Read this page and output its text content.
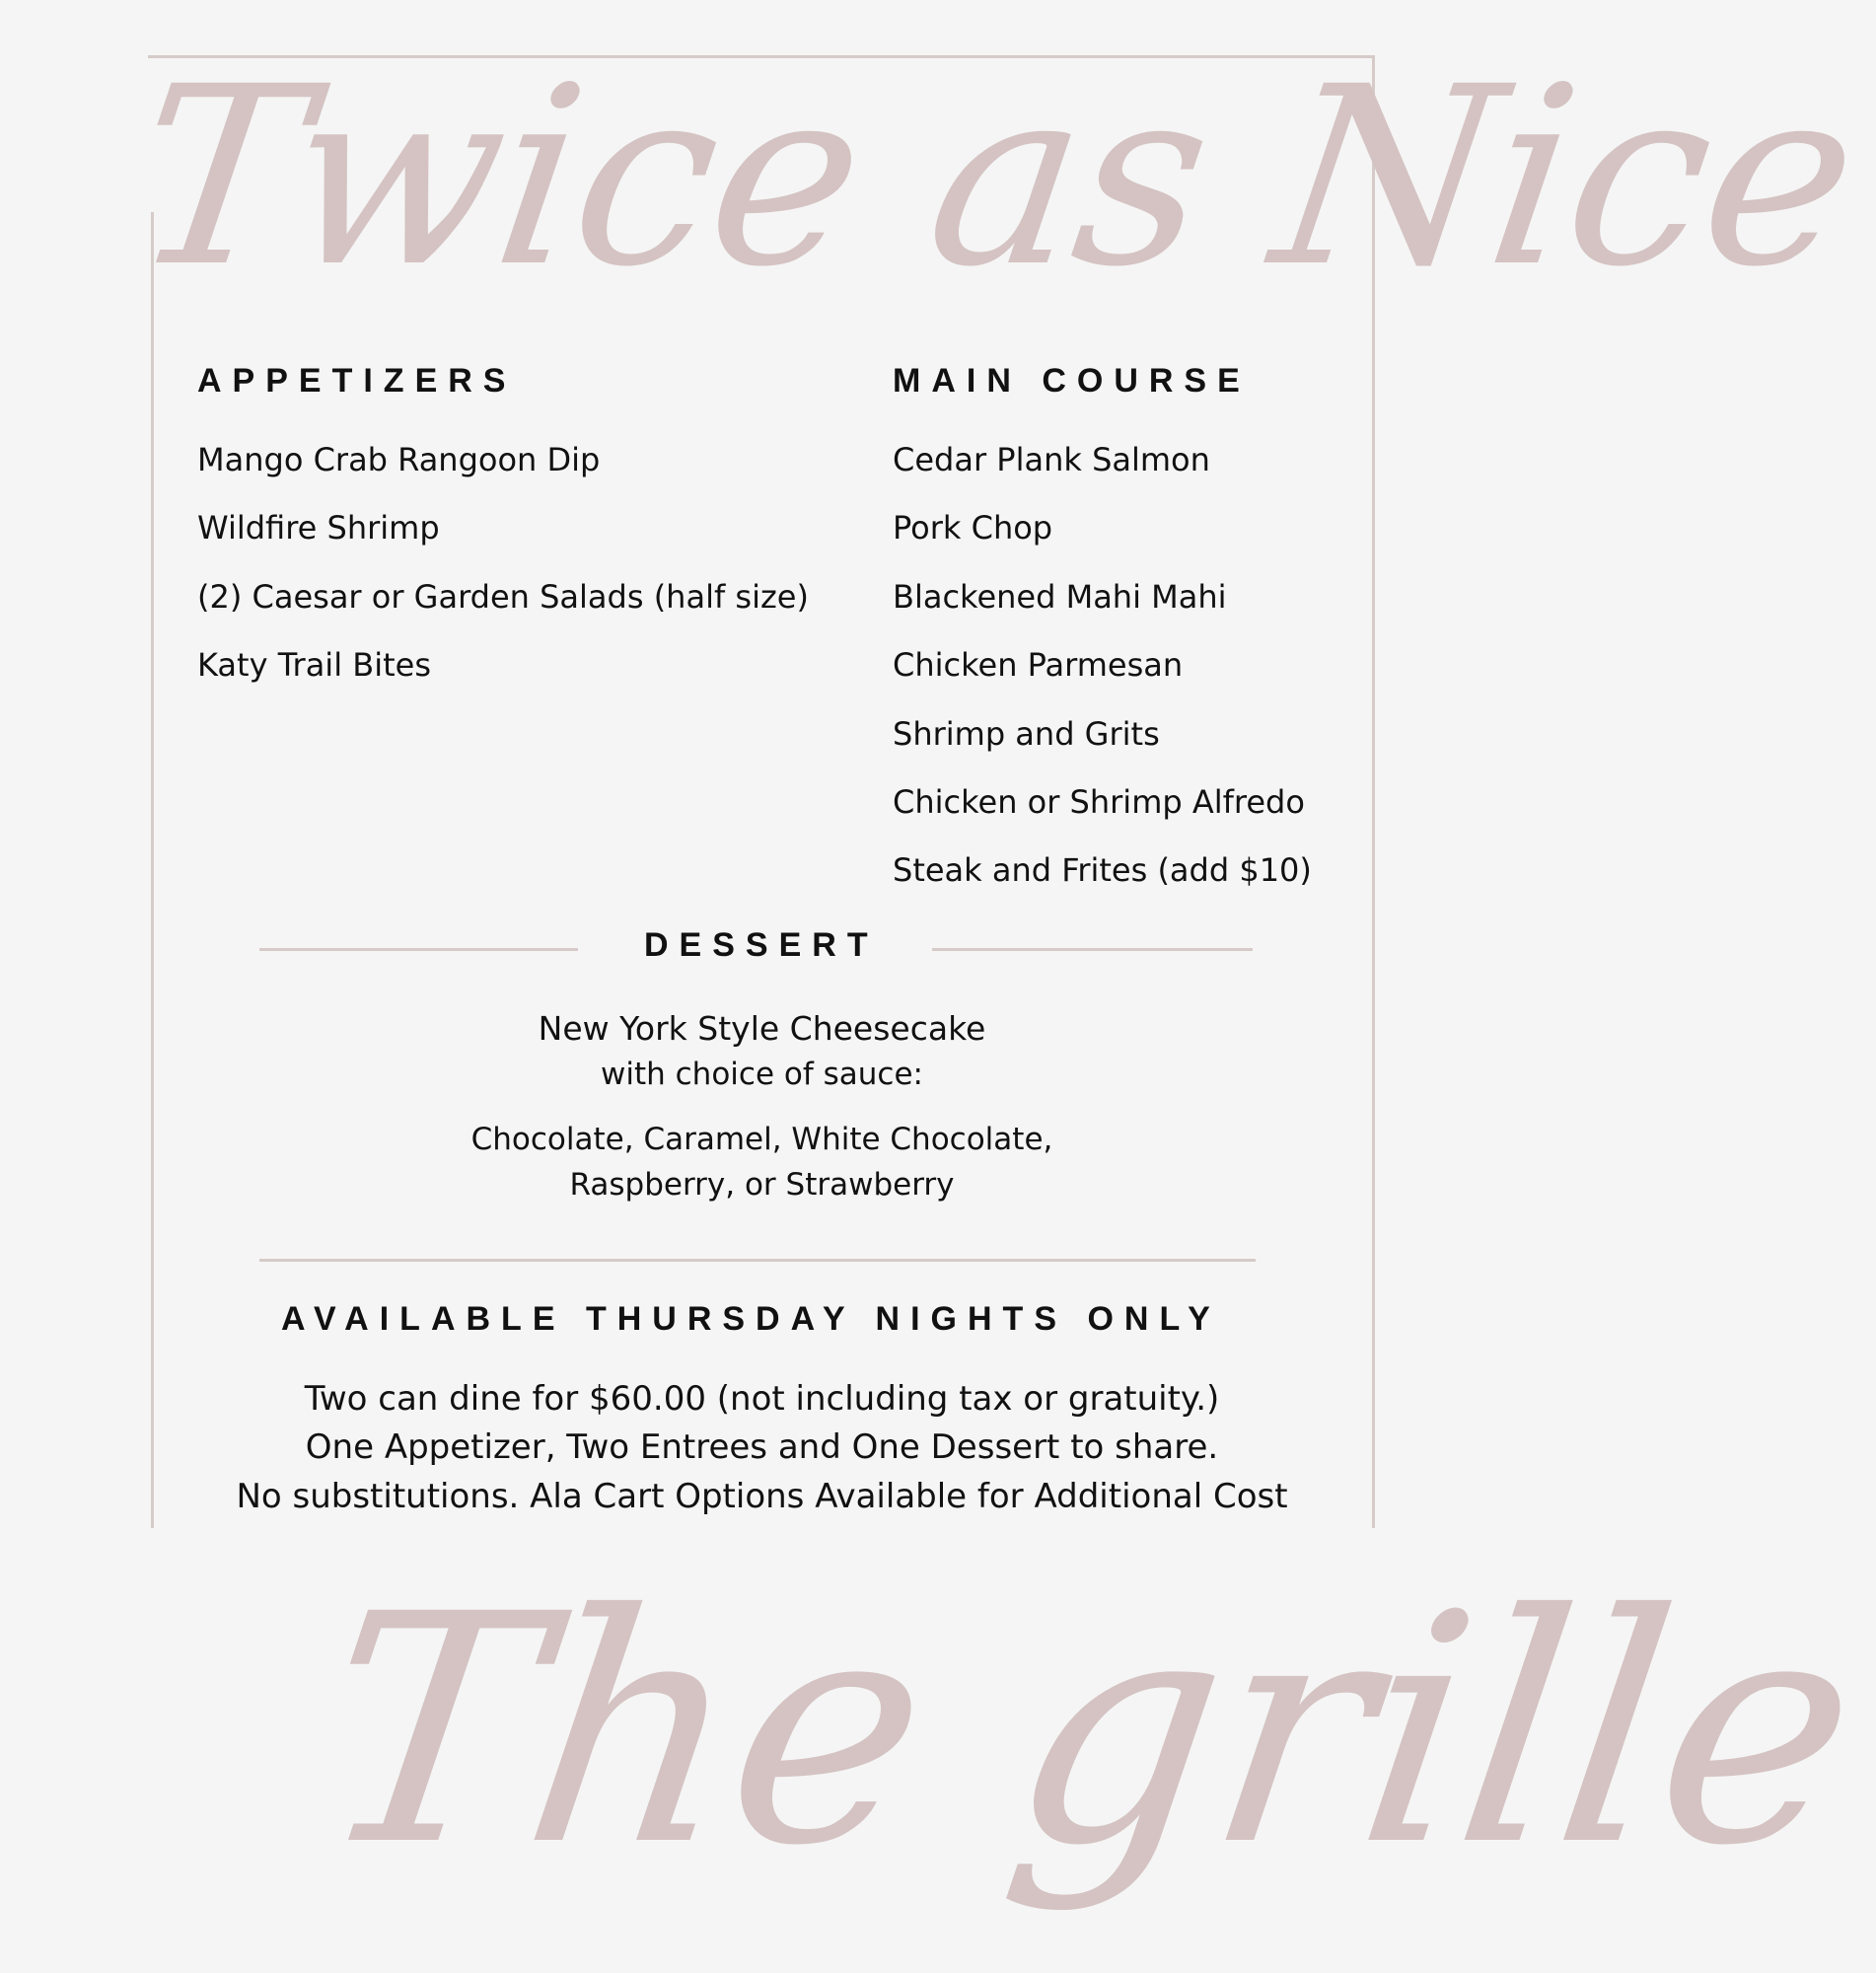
Twice as Nice
APPETIZERS
Mango Crab Rangoon Dip
Wildfire Shrimp
(2) Caesar or Garden Salads (half size)
Katy Trail Bites
MAIN COURSE
Cedar Plank Salmon
Pork Chop
Blackened Mahi Mahi
Chicken Parmesan
Shrimp and Grits
Chicken or Shrimp Alfredo
Steak and Frites (add $10)
DESSERT
New York Style Cheesecake
with choice of sauce:
Chocolate, Caramel, White Chocolate,
Raspberry, or Strawberry
AVAILABLE THURSDAY NIGHTS ONLY
Two can dine for $60.00 (not including tax or gratuity.)
One Appetizer, Two Entrees and One Dessert to share.
No substitutions. Ala Cart Options Available for Additional Cost
The grille
